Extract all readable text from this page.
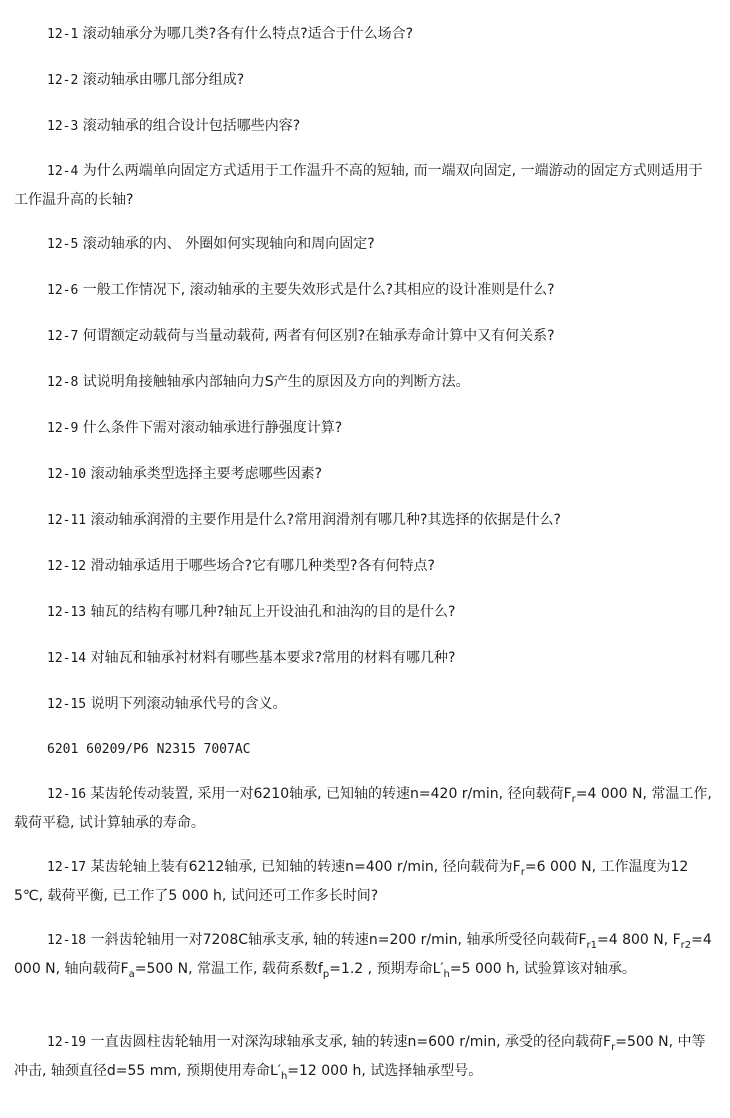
12-1 滚动轴承分为哪几类?各有什么特点?适合于什么场合?

12-2 滚动轴承由哪几部分组成?

12-3 滚动轴承的组合设计包括哪些内容?

12-4 为什么两端单向固定方式适用于工作温升不高的短轴, 而一端双向固定, 一端游动的固定方式则适用于工作温升高的长轴?

12-5 滚动轴承的内、 外圈如何实现轴向和周向固定?

12-6 一般工作情况下, 滚动轴承的主要失效形式是什么?其相应的设计准则是什么?

12-7 何谓额定动载荷与当量动载荷, 两者有何区别?在轴承寿命计算中又有何关系?

12-8 试说明角接触轴承内部轴向力S产生的原因及方向的判断方法。

12-9 什么条件下需对滚动轴承进行静强度计算?

12-10 滚动轴承类型选择主要考虑哪些因素?

12-11 滚动轴承润滑的主要作用是什么?常用润滑剂有哪几种?其选择的依据是什么?

12-12 滑动轴承适用于哪些场合?它有哪几种类型?各有何特点?

12-13 轴瓦的结构有哪几种?轴瓦上开设油孔和油沟的目的是什么?

12-14 对轴瓦和轴承衬材料有哪些基本要求?常用的材料有哪几种?

12-15 说明下列滚动轴承代号的含义。

6201 60209/P6 N2315 7007AC

12-16 某齿轮传动装置, 采用一对6210轴承, 已知轴的转速n=420 r/min, 径向载荷$F_r=4$ 000 N, 常温工作, 载荷平稳, 试计算轴承的寿命。

12-17 某齿轮轴上装有6212轴承, 已知轴的转速n=400 r/min, 径向载荷为$F_r=6$ 000 N, 工作温度为125℃, 载荷平衡, 已工作了5 000 h, 试问还可工作多长时间?

12-18 一斜齿轮轴用一对7208C轴承支承, 轴的转速n=200 r/min, 轴承所受径向载荷$F_{r1}=4$ 800 N, $F_{r2}=4$ 000 N, 轴向载荷$F_a=500$ N, 常温工作, 载荷系数$f_p=1.2$ , 预期寿命$L'_h=5$ 000 h, 试验算该对轴承。

12-19 一直齿圆柱齿轮轴用一对深沟球轴承支承, 轴的转速n=600 r/min, 承受的径向载荷$F_r=500$ N, 中等冲击, 轴颈直径d=55 mm, 预期使用寿命$L'_h=12$ 000 h, 试选择轴承型号。
